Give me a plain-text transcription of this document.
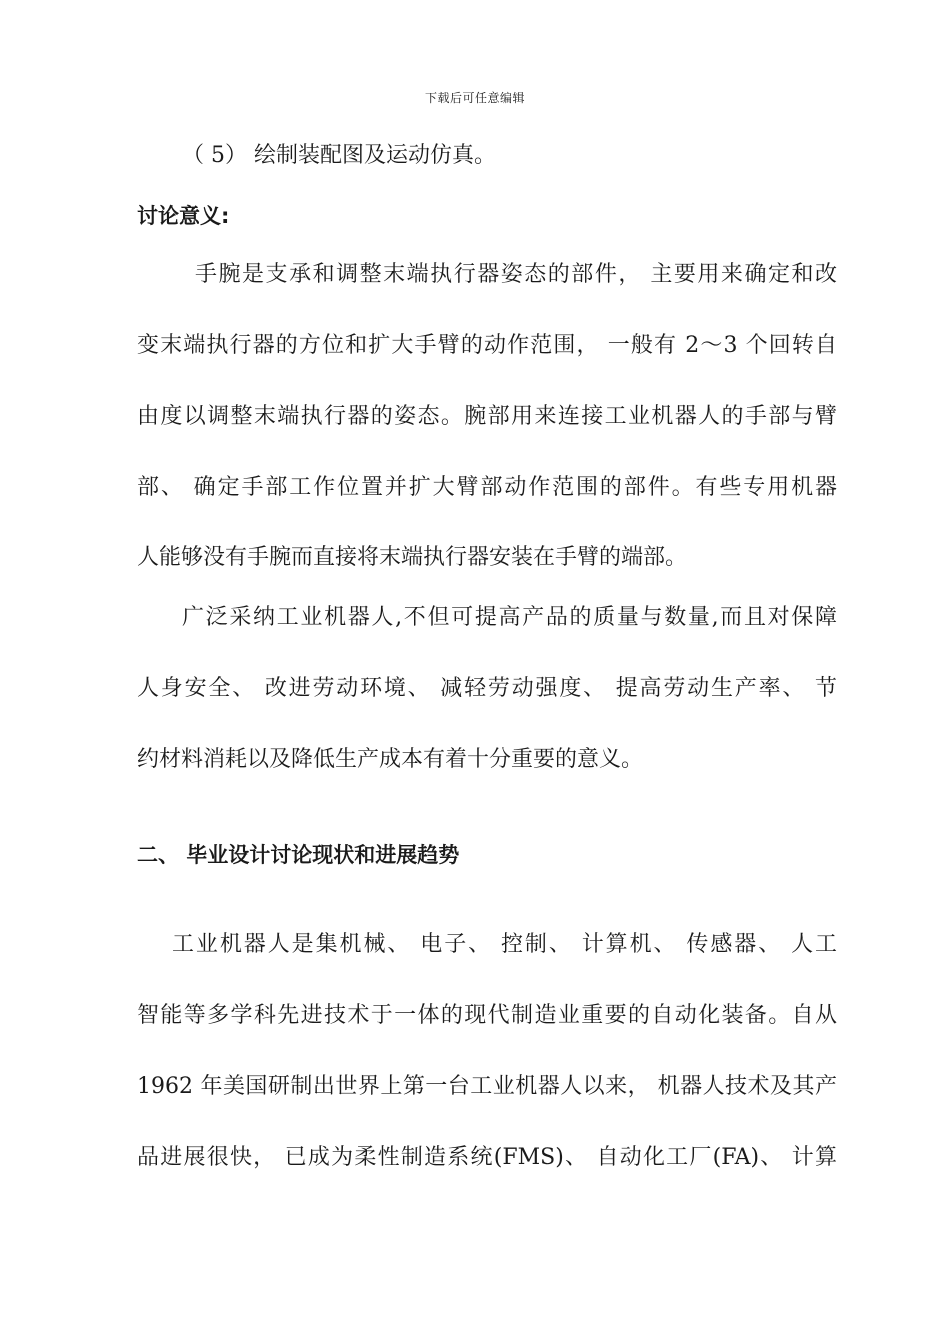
下载后可任意编辑
（ 5） 绘制装配图及运动仿真。
讨论意义:
手腕是支承和调整末端执行器姿态的部件， 主要用来确定和改
变末端执行器的方位和扩大手臂的动作范围， 一般有 2～3 个回转自
由度以调整末端执行器的姿态。腕部用来连接工业机器人的手部与臂
部、 确定手部工作位置并扩大臂部动作范围的部件。有些专用机器
人能够没有手腕而直接将末端执行器安装在手臂的端部。
广泛采纳工业机器人,不但可提高产品的质量与数量,而且对保障
人身安全、 改进劳动环境、 减轻劳动强度、 提高劳动生产率、 节
约材料消耗以及降低生产成本有着十分重要的意义。
二、 毕业设计讨论现状和进展趋势
工业机器人是集机械、 电子、 控制、 计算机、 传感器、 人工
智能等多学科先进技术于一体的现代制造业重要的自动化装备。自从
1962 年美国研制出世界上第一台工业机器人以来， 机器人技术及其产
品进展很快， 已成为柔性制造系统(FMS)、 自动化工厂(FA)、 计算
